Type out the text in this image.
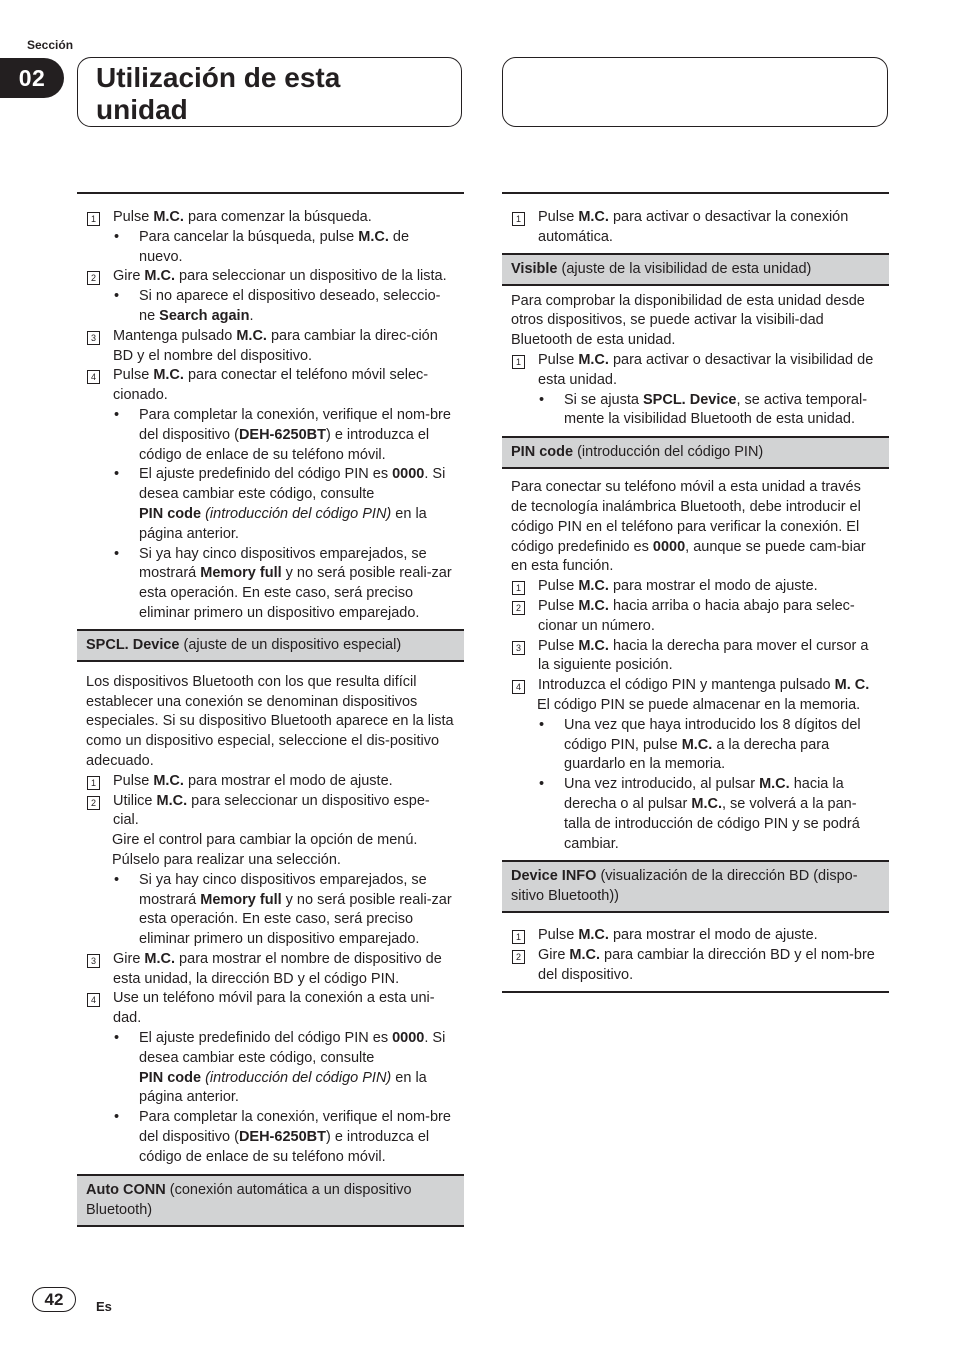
Sección
02	Utilización de esta
unidad
1 Pulse M.C. para comenzar la búsqueda.
•	Para cancelar la búsqueda, pulse M.C. de nuevo.
2 Gire M.C. para seleccionar un dispositivo de la lista.
•	Si no aparece el dispositivo deseado, seleccio-ne Search again.
3 Mantenga pulsado M.C. para cambiar la direc-ción BD y el nombre del dispositivo.
4 Pulse M.C. para conectar el teléfono móvil selec-cionado.
•	Para completar la conexión, verifique el nom-bre del dispositivo (DEH-6250BT) e introduzca el código de enlace de su teléfono móvil.
•	El ajuste predefinido del código PIN es 0000. Si desea cambiar este código, consulte
PIN code (introducción del código PIN) en la página anterior.
•	Si ya hay cinco dispositivos emparejados, se mostrará Memory full y no será posible reali-zar esta operación. En este caso, será preciso eliminar primero un dispositivo emparejado.
SPCL. Device (ajuste de un dispositivo especial)
Los dispositivos Bluetooth con los que resulta difícil establecer una conexión se denominan dispositivos especiales. Si su dispositivo Bluetooth aparece en la lista como un dispositivo especial, seleccione el dis-positivo adecuado.
1 Pulse M.C. para mostrar el modo de ajuste.
2 Utilice M.C. para seleccionar un dispositivo espe-cial.
Gire el control para cambiar la opción de menú. Púlselo para realizar una selección.
•	Si ya hay cinco dispositivos emparejados, se mostrará Memory full y no será posible reali-zar esta operación. En este caso, será preciso eliminar primero un dispositivo emparejado.
3 Gire M.C. para mostrar el nombre de dispositivo de esta unidad, la dirección BD y el código PIN.
4 Use un teléfono móvil para la conexión a esta uni-dad.
•	El ajuste predefinido del código PIN es 0000. Si desea cambiar este código, consulte
PIN code (introducción del código PIN) en la página anterior.
•	Para completar la conexión, verifique el nom-bre del dispositivo (DEH-6250BT) e introduzca el código de enlace de su teléfono móvil.
Auto CONN (conexión automática a un dispositivo Bluetooth)
1 Pulse M.C. para activar o desactivar la conexión automática.
Visible (ajuste de la visibilidad de esta unidad)
Para comprobar la disponibilidad de esta unidad desde otros dispositivos, se puede activar la visibili-dad Bluetooth de esta unidad.
1 Pulse M.C. para activar o desactivar la visibilidad de esta unidad.
•	Si se ajusta SPCL. Device, se activa temporal-mente la visibilidad Bluetooth de esta unidad.
PIN code (introducción del código PIN)
Para conectar su teléfono móvil a esta unidad a través de tecnología inalámbrica Bluetooth, debe introducir el código PIN en el teléfono para verificar la conexión. El código predefinido es 0000, aunque se puede cam-biar en esta función.
1 Pulse M.C. para mostrar el modo de ajuste.
2 Pulse M.C. hacia arriba o hacia abajo para selec-cionar un número.
3 Pulse M.C. hacia la derecha para mover el cursor a la siguiente posición.
4 Introduzca el código PIN y mantenga pulsado M. C.
El código PIN se puede almacenar en la memoria.
•	Una vez que haya introducido los 8 dígitos del código PIN, pulse M.C. a la derecha para guardarlo en la memoria.
•	Una vez introducido, al pulsar M.C. hacia la derecha o al pulsar M.C., se volverá a la pan-talla de introducción de código PIN y se podrá cambiar.
Device INFO (visualización de la dirección BD (dispo-sitivo Bluetooth))
1 Pulse M.C. para mostrar el modo de ajuste.
2 Gire M.C. para cambiar la dirección BD y el nom-bre del dispositivo.
42	Es
